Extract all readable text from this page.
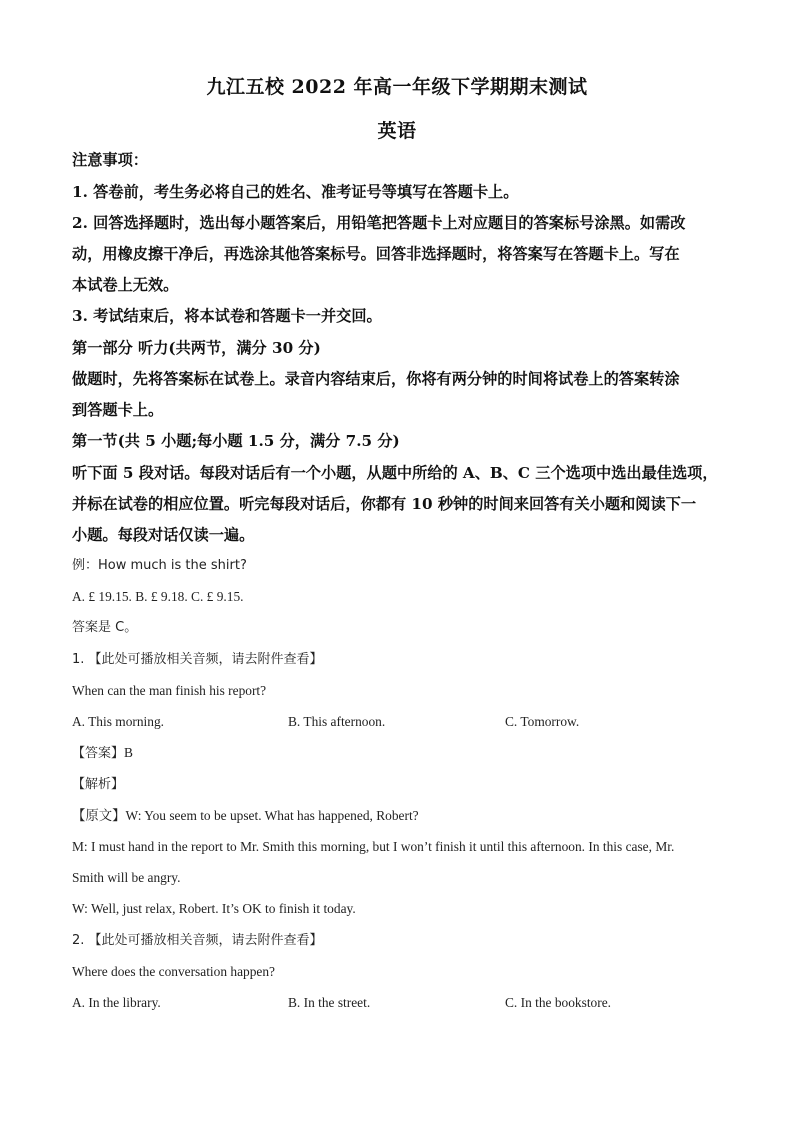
九江五校 2022 年高一年级下学期期末测试
英语
注意事项：
1. 答卷前，考生务必将自己的姓名、准考证号等填写在答题卡上。
2. 回答选择题时，选出每小题答案后，用铅笔把答题卡上对应题目的答案标号涂黑。如需改
动，用橡皮擦干净后，再选涂其他答案标号。回答非选择题时，将答案写在答题卡上。写在
本试卷上无效。
3. 考试结束后，将本试卷和答题卡一并交回。
第一部分 听力(共两节，满分 30 分)
做题时，先将答案标在试卷上。录音内容结束后，你将有两分钟的时间将试卷上的答案转涂
到答题卡上。
第一节(共 5 小题;每小题 1.5 分，满分 7.5 分)
听下面 5 段对话。每段对话后有一个小题，从题中所给的 A、B、C 三个选项中选出最佳选项，
并标在试卷的相应位置。听完每段对话后，你都有 10 秒钟的时间来回答有关小题和阅读下一
小题。每段对话仅读一遍。
例：How much is the shirt?
A. £ 19.15. B. £ 9.18. C. £ 9.15.
答案是 C。
1. 【此处可播放相关音频，请去附件查看】
When can the man finish his report?
A. This morning.	B. This afternoon.	C. Tomorrow.
【答案】B
【解析】
【原文】W: You seem to be upset. What has happened, Robert?
M: I must hand in the report to Mr. Smith this morning, but I won’t finish it until this afternoon. In this case, Mr.
Smith will be angry.
W: Well, just relax, Robert. It’s OK to finish it today.
2. 【此处可播放相关音频，请去附件查看】
Where does the conversation happen?
A. In the library.	B. In the street.	C. In the bookstore.
